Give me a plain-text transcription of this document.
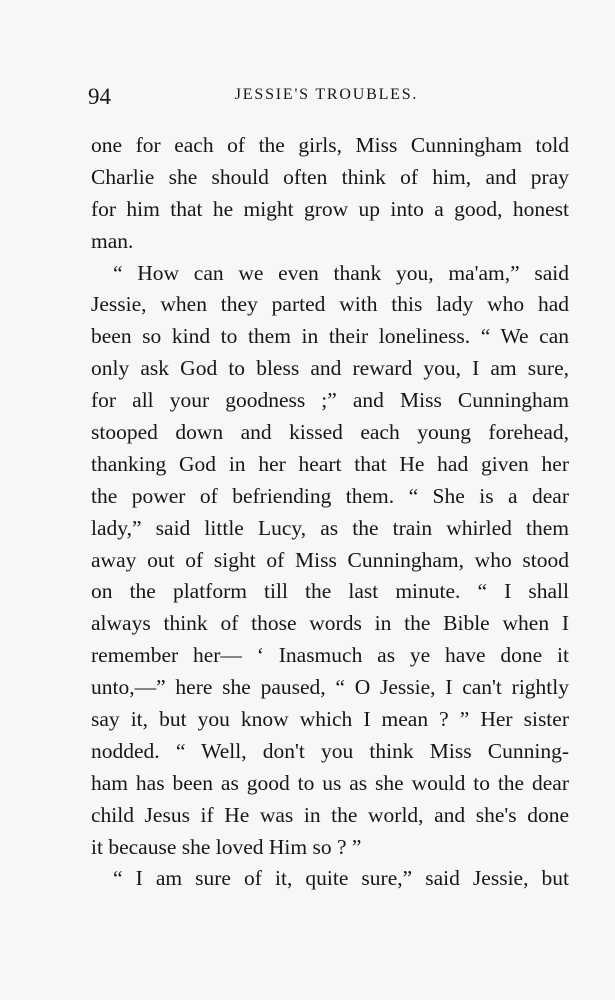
94	JESSIE'S TROUBLES.
one for each of the girls, Miss Cunningham told
Charlie she should often think of him, and pray
for him that he might grow up into a good, honest
man.
“ How can we even thank you, ma'am,” said
Jessie, when they parted with this lady who had
been so kind to them in their loneliness. “ We can
only ask God to bless and reward you, I am sure,
for all your goodness ;” and Miss Cunningham
stooped down and kissed each young forehead,
thanking God in her heart that He had given her
the power of befriending them. “ She is a dear
lady,” said little Lucy, as the train whirled them
away out of sight of Miss Cunningham, who stood
on the platform till the last minute. “ I shall
always think of those words in the Bible when I
remember her— ‘ Inasmuch as ye have done it
unto,—” here she paused, “ O Jessie, I can't rightly
say it, but you know which I mean ? ” Her sister
nodded. “ Well, don't you think Miss Cunning-
ham has been as good to us as she would to the dear
child Jesus if He was in the world, and she's done
it because she loved Him so ? ”
“ I am sure of it, quite sure,” said Jessie, but
